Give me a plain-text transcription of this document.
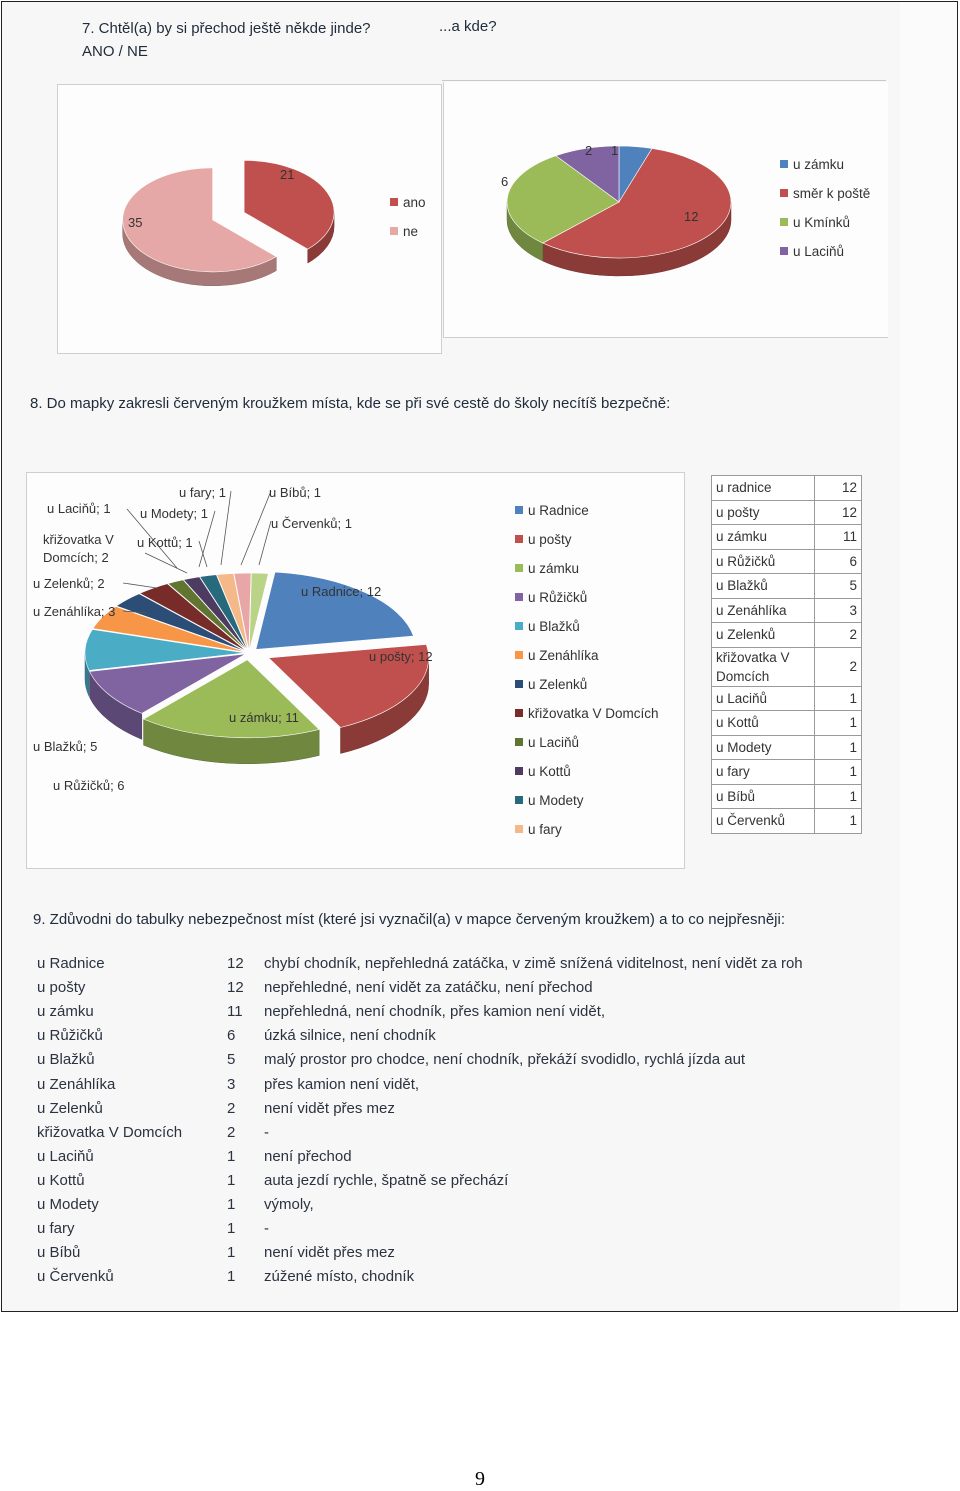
7. Chtěl(a) by si přechod ještě někde jinde?
ANO / NE
...a kde?
21
35
ano
ne
1
12
6
2
u zámku
směr k poště
u Kmínků
u Laciňů
8. Do mapky zakresli červeným kroužkem místa, kde se při své cestě do školy necítíš bezpečně:
u Laciňů; 1 u Modety; 1
u fary; 1	u Bíbů; 1
u Červenků; 1
u Kottů; 1
křižovatka V Domcích; 2
u Zelenků; 2
u Zenáhlíka; 3
u Blažků; 5
u Růžičků; 6
u Radnice; 12
u pošty; 12
u zámku; 11
u Radnice
u pošty
u zámku
u Růžičků
u Blažků
u Zenáhlíka
u Zelenků
křižovatka V Domcích
u Laciňů
u Kottů
u Modety
u fary
u radnice	12
u pošty	12
u zámku	11
u Růžičků	6
u Blažků	5
u Zenáhlíka	3
u Zelenků	2
křižovatka V Domcích	2
u Laciňů	1
u Kottů	1
u Modety	1
u fary	1
u Bíbů	1
u Červenků	1
9. Zdůvodni do tabulky nebezpečnost míst (které jsi vyznačil(a) v mapce červeným kroužkem) a to co nejpřesněji:
u Radnice	12 chybí chodník, nepřehledná zatáčka, v zimě snížená viditelnost, není vidět za roh
u pošty	12 nepřehledné, není vidět za zatáčku, není přechod
u zámku	11 nepřehledná, není chodník, přes kamion není vidět,
u Růžičků	6 úzká silnice, není chodník
u Blažků	5 malý prostor pro chodce, není chodník, překáží svodidlo, rychlá jízda aut
u Zenáhlíka	3 přes kamion není vidět,
u Zelenků	2 není vidět přes mez
křižovatka V Domcích	2 -
u Laciňů	1 není přechod
u Kottů	1 auta jezdí rychle, špatně se přechází
u Modety	1 výmoly,
u fary	1 -
u Bíbů	1 není vidět přes mez
u Červenků	1 zúžené místo, chodník
9
